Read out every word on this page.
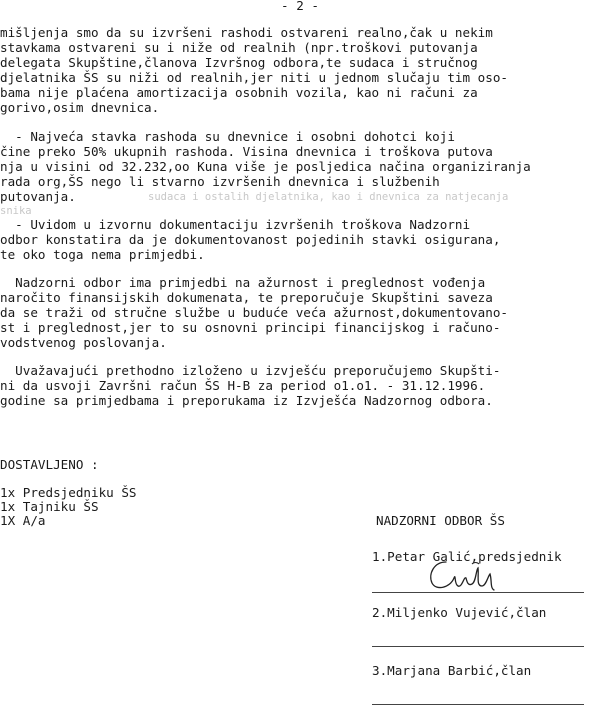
- 2 -
mišljenja smo da su izvršeni rashodi ostvareni realno,čak u nekim
stavkama ostvareni su i niže od realnih (npr.troškovi putovanja
delegata Skupštine,članova Izvršnog odbora,te sudaca i stručnog
djelatnika ŠS su niži od realnih,jer niti u jednom slučaju tim oso-
bama nije plaćena amortizacija osobnih vozila, kao ni računi za
gorivo,osim dnevnica.
- Najveća stavka rashoda su dnevnice i osobni dohotci koji
čine preko 50% ukupnih rashoda. Visina dnevnica i troškova putova
nja u visini od 32.232,oo Kuna više je posljedica načina organiziranja
rada org,ŠS nego li stvarno izvršenih dnevnica i službenih
putovanja.	sudaca i ostalih djelatnika, kao i dnevnica za natjecanja
snika
- Uvidom u izvornu dokumentaciju izvršenih troškova Nadzorni
odbor konstatira da je dokumentovanost pojedinih stavki osigurana,
te oko toga nema primjedbi.
Nadzorni odbor ima primjedbi na ažurnost i preglednost vođenja
naročito finansijskih dokumenata, te preporučuje Skupštini saveza
da se traži od stručne službe u buduće veća ažurnost,dokumentovano-
st i preglednost,jer to su osnovni principi financijskog i računo-
vodstvenog poslovanja.
Uvažavajući prethodno izloženo u izvješću preporučujemo Skupšti-
ni da usvoji Završni račun ŠS H-B za period o1.o1. - 31.12.1996.
godine sa primjedbama i preporukama iz Izvješća Nadzornog odbora.
DOSTAVLJENO :
1x Predsjedniku ŠS
1x Tajniku ŠS
1X A/a	NADZORNI ODBOR ŠS
1.Petar Galić,predsjednik
2.Miljenko Vujević,član
3.Marjana Barbić,član
